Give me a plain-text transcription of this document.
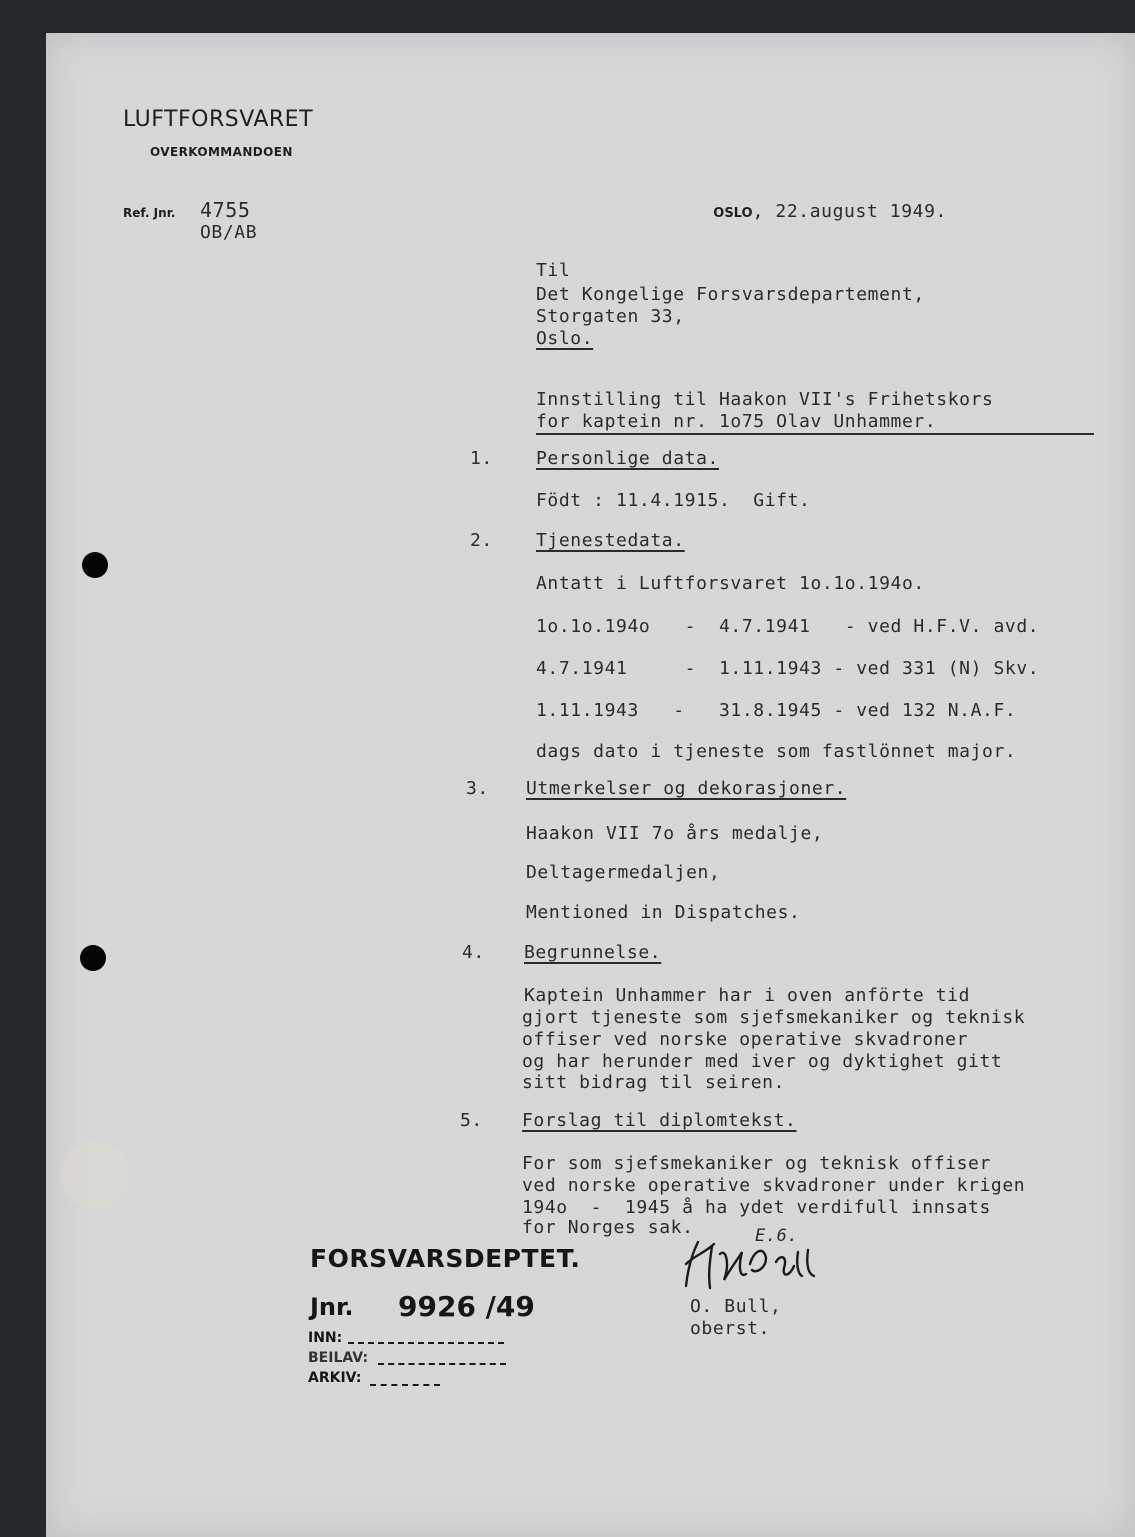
LUFTFORSVARET
OVERKOMMANDOEN
Ref. Jnr. 4755
OB/AB

OSLO, 22.august 1949.

Til
Det Kongelige Forsvarsdepartement,
Storgaten 33,
Oslo.
Innstilling til Haakon VII's Frihetskors
for kaptein nr. 1o75 Olav Unhammer.
1. Personlige data.
Födt : 11.4.1915.  Gift.
2. Tjenestedata.
Antatt i Luftforsvaret 1o.1o.194o.
1o.1o.194o   -  4.7.1941   - ved H.F.V. avd.
4.7.1941     -  1.11.1943 - ved 331 (N) Skv.
1.11.1943   -   31.8.1945 - ved 132 N.A.F.
dags dato i tjeneste som fastlönnet major.
3. Utmerkelser og dekorasjoner.
Haakon VII 7o års medalje,
Deltagermedaljen,
Mentioned in Dispatches.
4. Begrunnelse.
Kaptein Unhammer har i oven anförte tid
gjort tjeneste som sjefsmekaniker og teknisk
offiser ved norske operative skvadroner
og har herunder med iver og dyktighet gitt
sitt bidrag til seiren.
5. Forslag til diplomtekst.
For som sjefsmekaniker og teknisk offiser
ved norske operative skvadroner under krigen
194o  -  1945 å ha ydet verdifull innsats
for Norges sak.	E.6.
O. Bull,
oberst.
FORSVARSDEPTET.
Jnr. 9926 /49
INN:
BEILAV:
ARKIV:
